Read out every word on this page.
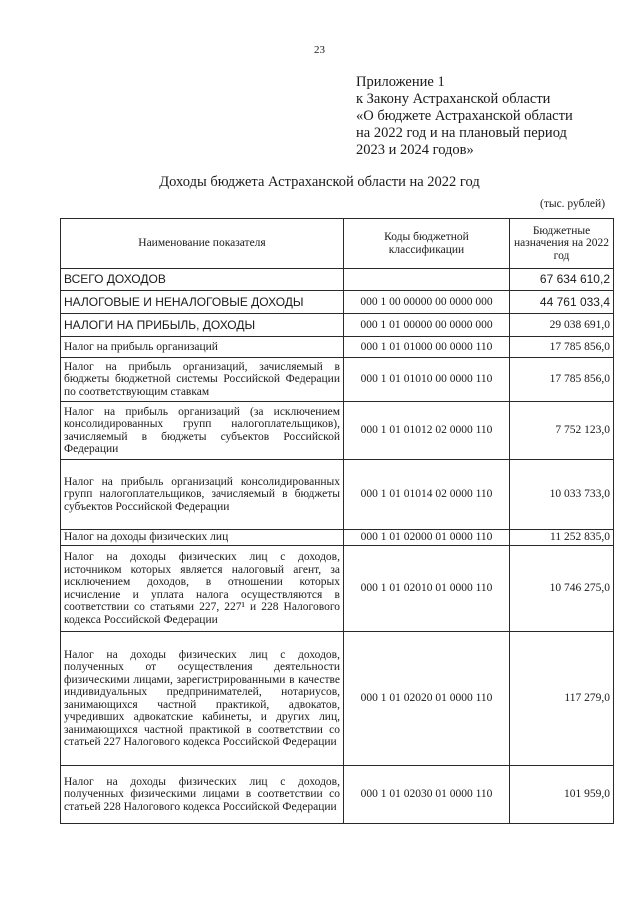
23
Приложение 1
к Закону Астраханской области
«О бюджете Астраханской области
на 2022 год и на плановый период
2023 и 2024 годов»
Доходы бюджета Астраханской области на 2022 год
(тыс. рублей)
Наименование показателя	Коды бюджетной классификации	Бюджетные назначения на 2022 год
ВСЕГО ДОХОДОВ		67 634 610,2
НАЛОГОВЫЕ И НЕНАЛОГОВЫЕ ДОХОДЫ	000 1 00 00000 00 0000 000	44 761 033,4
НАЛОГИ НА ПРИБЫЛЬ, ДОХОДЫ	000 1 01 00000 00 0000 000	29 038 691,0
Налог на прибыль организаций	000 1 01 01000 00 0000 110	17 785 856,0
Налог на прибыль организаций, зачисляемый в бюджеты бюджетной системы Российской Федерации по соответствующим ставкам	000 1 01 01010 00 0000 110	17 785 856,0
Налог на прибыль организаций (за исключением консолидированных групп налогоплательщиков), зачисляемый в бюджеты субъектов Российской Федерации	000 1 01 01012 02 0000 110	7 752 123,0
Налог на прибыль организаций консолидированных групп налогоплательщиков, зачисляемый в бюджеты субъектов Российской Федерации	000 1 01 01014 02 0000 110	10 033 733,0
Налог на доходы физических лиц	000 1 01 02000 01 0000 110	11 252 835,0
Налог на доходы физических лиц с доходов, источником которых является налоговый агент, за исключением доходов, в отношении которых исчисление и уплата налога осуществляются в соответствии со статьями 227, 227¹ и 228 Налогового кодекса Российской Федерации	000 1 01 02010 01 0000 110	10 746 275,0
Налог на доходы физических лиц с доходов, полученных от осуществления деятельности физическими лицами, зарегистрированными в качестве индивидуальных предпринимателей, нотариусов, занимающихся частной практикой, адвокатов, учредивших адвокатские кабинеты, и других лиц, занимающихся частной практикой в соответствии со статьей 227 Налогового кодекса Российской Федерации	000 1 01 02020 01 0000 110	117 279,0
Налог на доходы физических лиц с доходов, полученных физическими лицами в соответствии со статьей 228 Налогового кодекса Российской Федерации	000 1 01 02030 01 0000 110	101 959,0
